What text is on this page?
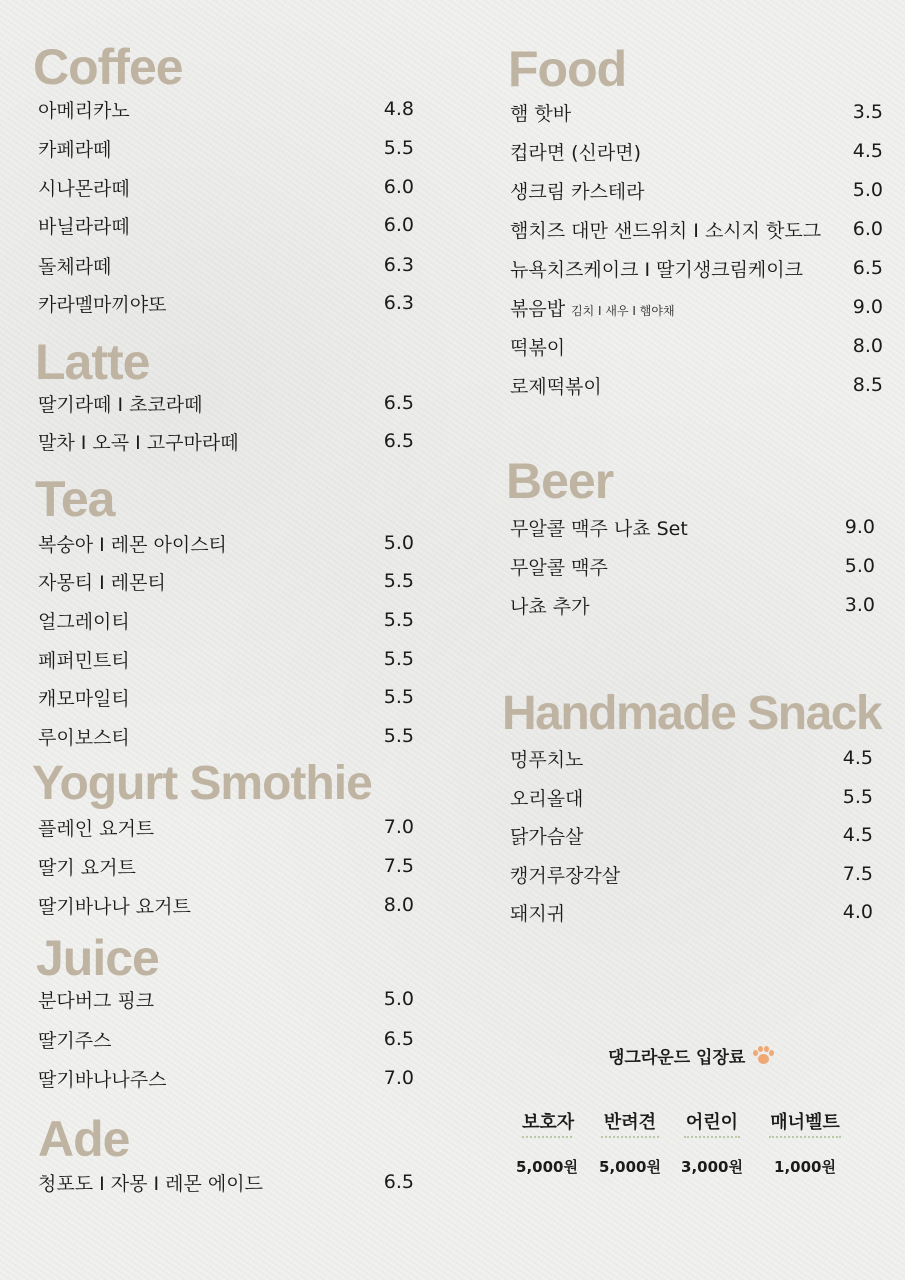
Coffee
아메리카노	4.8
카페라떼	5.5
시나몬라떼	6.0
바닐라라떼	6.0
돌체라떼	6.3
카라멜마끼야또	6.3
Latte
딸기라떼 I 초코라떼	6.5
말차 I 오곡 I 고구마라떼	6.5
Tea
복숭아 I 레몬 아이스티	5.0
자몽티 I 레몬티	5.5
얼그레이티	5.5
페퍼민트티	5.5
캐모마일티	5.5
루이보스티	5.5
Yogurt Smothie
플레인 요거트	7.0
딸기 요거트	7.5
딸기바나나 요거트	8.0
Juice
분다버그 핑크	5.0
딸기주스	6.5
딸기바나나주스	7.0
Ade
청포도 I 자몽 I 레몬 에이드	6.5
Food
햄 핫바	3.5
컵라면 (신라면)	4.5
생크림 카스테라	5.0
햄치즈 대만 샌드위치 I 소시지 핫도그 6.0
뉴욕치즈케이크 I 딸기생크림케이크	6.5
볶음밥 김치 I 새우 I 햄야채	9.0
떡볶이	8.0
로제떡볶이	8.5
Beer
무알콜 맥주 나쵸 Set	9.0
무알콜 맥주	5.0
나쵸 추가	3.0
Handmade Snack
멍푸치노	4.5
오리올대	5.5
닭가슴살	4.5
캥거루장각살	7.5
돼지귀	4.0
댕그라운드 입장료
보호자 반려견 어린이 매너벨트
5,000원 5,000원 3,000원 1,000원
